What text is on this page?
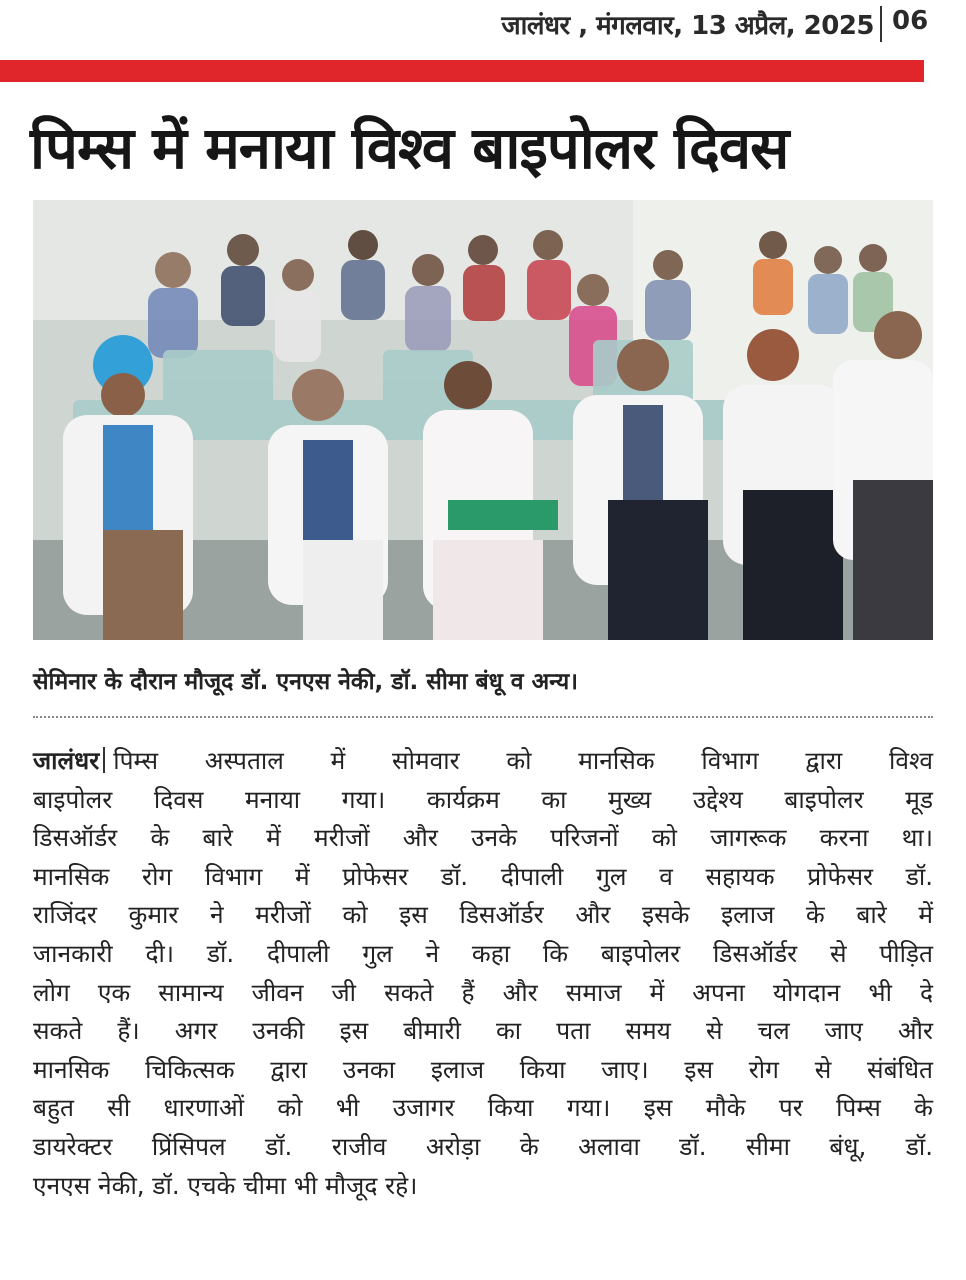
जालंधर , मंगलवार, 13 अप्रैल, 2025 06
पिम्स में मनाया विश्व बाइपोलर दिवस
सेमिनार के दौरान मौजूद डॉ. एनएस नेकी, डॉ. सीमा बंधू व अन्य।
जालंधर पिम्स अस्पताल में सोमवार को मानसिक विभाग द्वारा विश्व
बाइपोलर दिवस मनाया गया। कार्यक्रम का मुख्य उद्देश्य बाइपोलर मूड
डिसऑर्डर के बारे में मरीजों और उनके परिजनों को जागरूक करना था।
मानसिक रोग विभाग में प्रोफेसर डॉ. दीपाली गुल व सहायक प्रोफेसर डॉ.
राजिंदर कुमार ने मरीजों को इस डिसऑर्डर और इसके इलाज के बारे में
जानकारी दी। डॉ. दीपाली गुल ने कहा कि बाइपोलर डिसऑर्डर से पीड़ित
लोग एक सामान्य जीवन जी सकते हैं और समाज में अपना योगदान भी दे
सकते हैं। अगर उनकी इस बीमारी का पता समय से चल जाए और
मानसिक चिकित्सक द्वारा उनका इलाज किया जाए। इस रोग से संबंधित
बहुत सी धारणाओं को भी उजागर किया गया। इस मौके पर पिम्स के
डायरेक्टर प्रिंसिपल डॉ. राजीव अरोड़ा के अलावा डॉ. सीमा बंधू, डॉ.
एनएस नेकी, डॉ. एचके चीमा भी मौजूद रहे।
